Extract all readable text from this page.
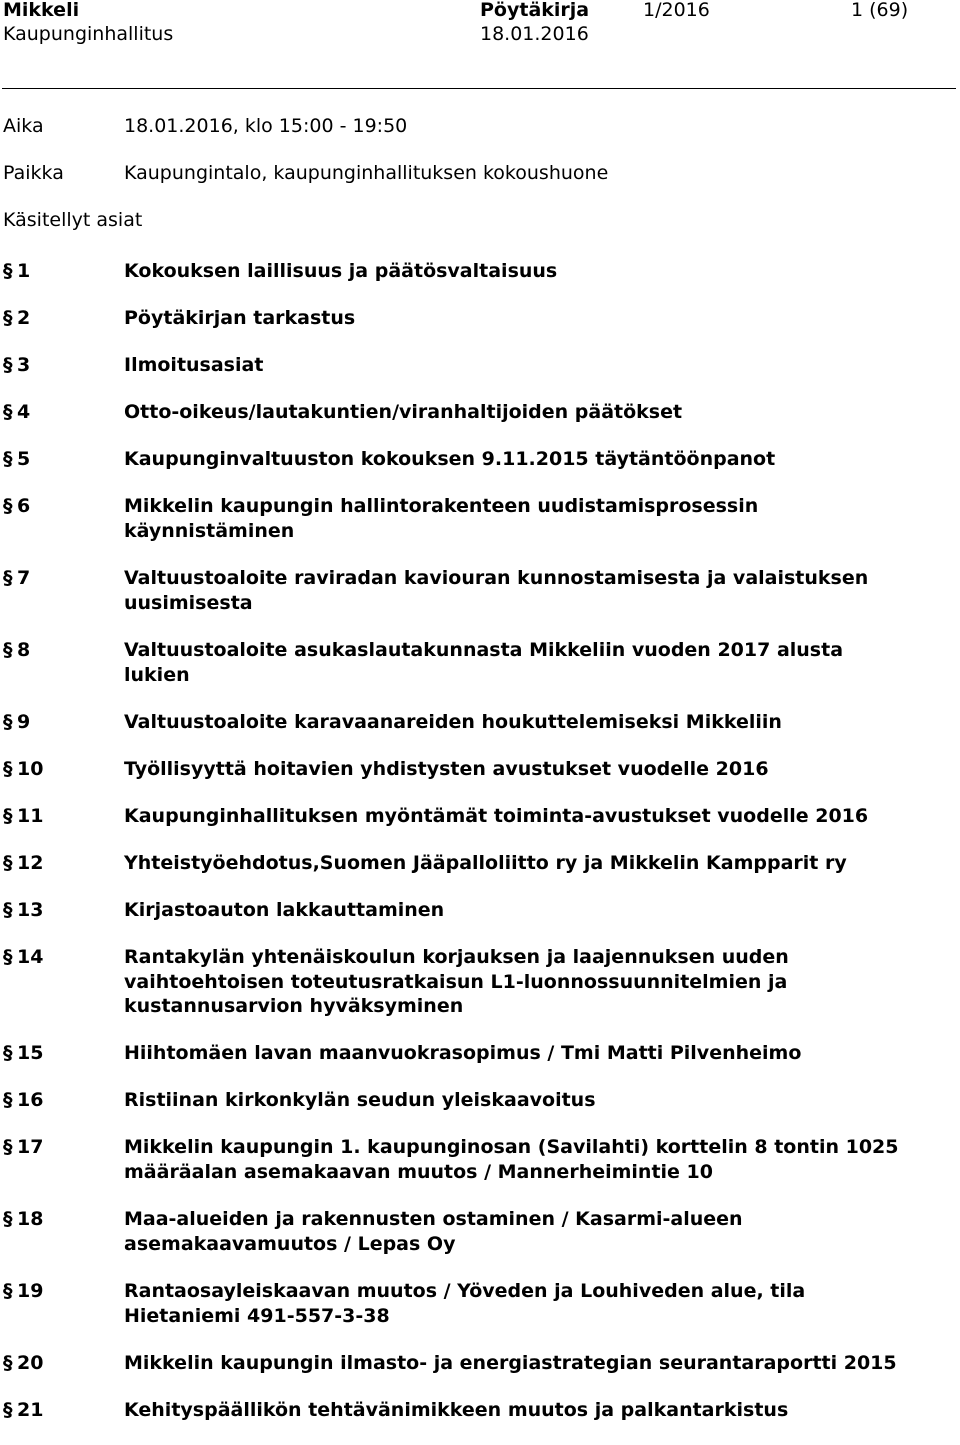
Mikkeli	Pöytäkirja	1/2016	1 (69)
Kaupunginhallitus	18.01.2016
Aika	18.01.2016, klo 15:00 - 19:50
Paikka	Kaupungintalo, kaupunginhallituksen kokoushuone
Käsitellyt asiat
§ 1	Kokouksen laillisuus ja päätösvaltaisuus
§ 2	Pöytäkirjan tarkastus
§ 3	Ilmoitusasiat
§ 4	Otto-oikeus/lautakuntien/viranhaltijoiden päätökset
§ 5	Kaupunginvaltuuston kokouksen 9.11.2015 täytäntöönpanot
§ 6	Mikkelin kaupungin hallintorakenteen uudistamisprosessin
käynnistäminen
§ 7	Valtuustoaloite raviradan kaviouran kunnostamisesta ja valaistuksen
uusimisesta
§ 8	Valtuustoaloite asukaslautakunnasta Mikkeliin vuoden 2017 alusta
lukien
§ 9	Valtuustoaloite karavaanareiden houkuttelemiseksi Mikkeliin
§ 10	Työllisyyttä hoitavien yhdistysten avustukset vuodelle 2016
§ 11	Kaupunginhallituksen myöntämät toiminta-avustukset vuodelle 2016
§ 12	Yhteistyöehdotus,Suomen Jääpalloliitto ry ja Mikkelin Kampparit ry
§ 13	Kirjastoauton lakkauttaminen
§ 14	Rantakylän yhtenäiskoulun korjauksen ja laajennuksen uuden
vaihtoehtoisen toteutusratkaisun L1-luonnossuunnitelmien ja
kustannusarvion hyväksyminen
§ 15	Hiihtomäen lavan maanvuokrasopimus / Tmi Matti Pilvenheimo
§ 16	Ristiinan kirkonkylän seudun yleiskaavoitus
§ 17	Mikkelin kaupungin 1. kaupunginosan (Savilahti) korttelin 8 tontin 1025
määräalan asemakaavan muutos / Mannerheimintie 10
§ 18	Maa-alueiden ja rakennusten ostaminen / Kasarmi-alueen
asemakaavamuutos / Lepas Oy
§ 19	Rantaosayleiskaavan muutos / Yöveden ja Louhiveden alue, tila
Hietaniemi 491-557-3-38
§ 20	Mikkelin kaupungin ilmasto- ja energiastrategian seurantaraportti 2015
§ 21	Kehityspäällikön tehtävänimikkeen muutos ja palkantarkistus
